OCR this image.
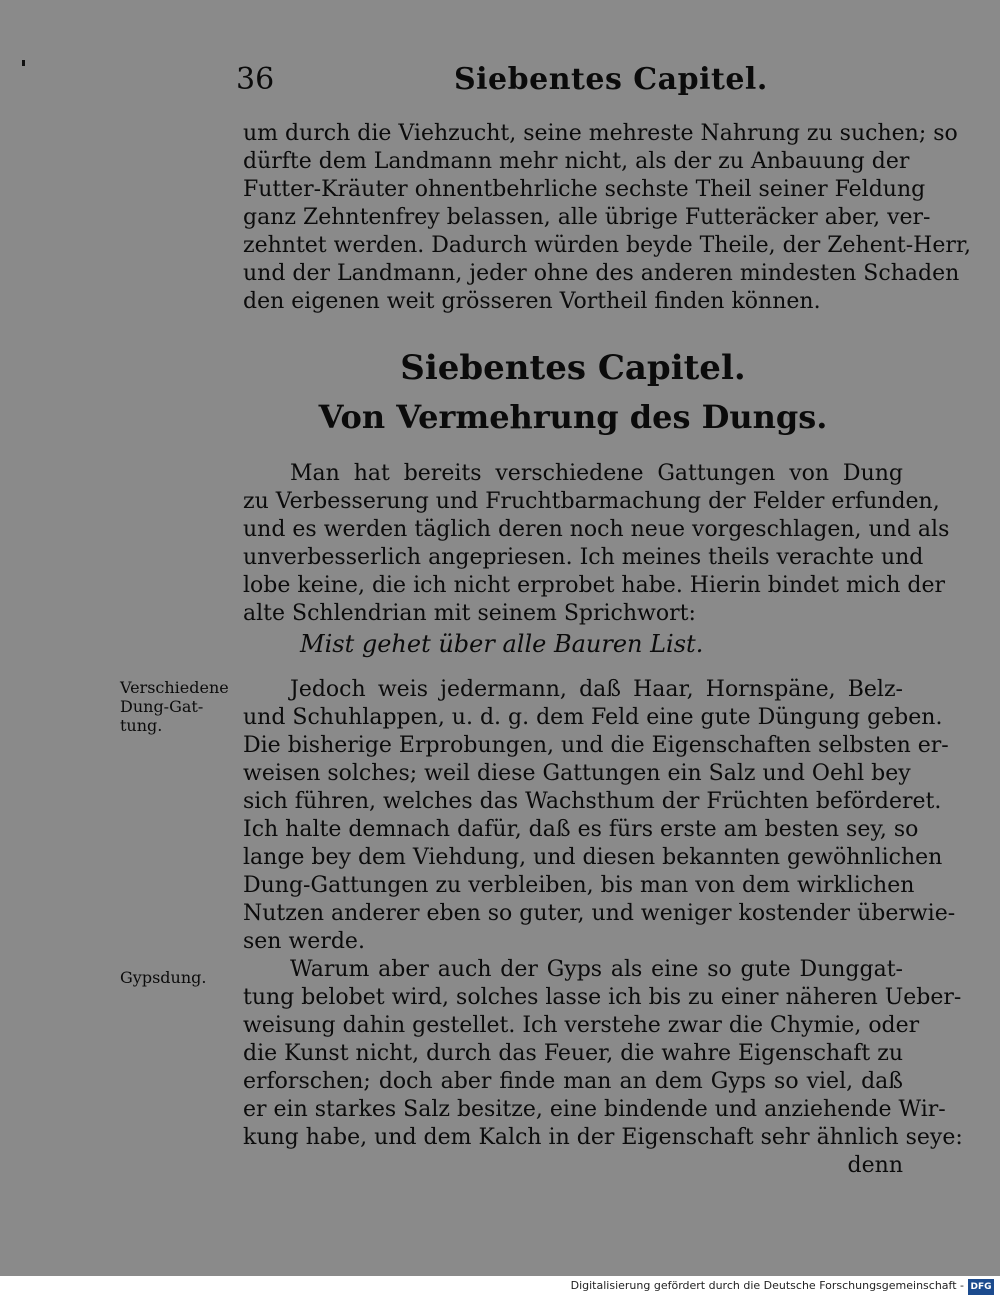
36	Siebentes Capitel.
um durch die Viehzucht, seine mehreste Nahrung zu suchen; so
dürfte dem Landmann mehr nicht, als der zu Anbauung der
Futter-Kräuter ohnentbehrliche sechste Theil seiner Feldung
ganz Zehntenfrey belassen, alle übrige Futteräcker aber, ver-
zehntet werden. Dadurch würden beyde Theile, der Zehent-Herr,
und der Landmann, jeder ohne des anderen mindesten Schaden
den eigenen weit grösseren Vortheil finden können.
Siebentes Capitel.
Von Vermehrung des Dungs.
Man hat bereits verschiedene Gattungen von Dung
zu Verbesserung und Fruchtbarmachung der Felder erfunden,
und es werden täglich deren noch neue vorgeschlagen, und als
unverbesserlich angepriesen. Ich meines theils verachte und
lobe keine, die ich nicht erprobet habe. Hierin bindet mich der
alte Schlendrian mit seinem Sprichwort:
Mist gehet über alle Bauren List.
Jedoch weis jedermann, daß Haar, Hornspäne, Belz-
und Schuhlappen, u. d. g. dem Feld eine gute Düngung geben.
Die bisherige Erprobungen, und die Eigenschaften selbsten er-
weisen solches; weil diese Gattungen ein Salz und Oehl bey
sich führen, welches das Wachsthum der Früchten beförderet.
Ich halte demnach dafür, daß es fürs erste am besten sey, so
lange bey dem Viehdung, und diesen bekannten gewöhnlichen
Dung-Gattungen zu verbleiben, bis man von dem wirklichen
Nutzen anderer eben so guter, und weniger kostender überwie-
sen werde.
Warum aber auch der Gyps als eine so gute Dunggat-
tung belobet wird, solches lasse ich bis zu einer näheren Ueber-
weisung dahin gestellet. Ich verstehe zwar die Chymie, oder
die Kunst nicht, durch das Feuer, die wahre Eigenschaft zu
erforschen; doch aber finde man an dem Gyps so viel, daß
er ein starkes Salz besitze, eine bindende und anziehende Wir-
kung habe, und dem Kalch in der Eigenschaft sehr ähnlich seye:
denn
Verschiedene
Dung-Gat-
tung.
Gypsdung.
Digitalisierung gefördert durch die Deutsche Forschungsgemeinschaft - DFG
